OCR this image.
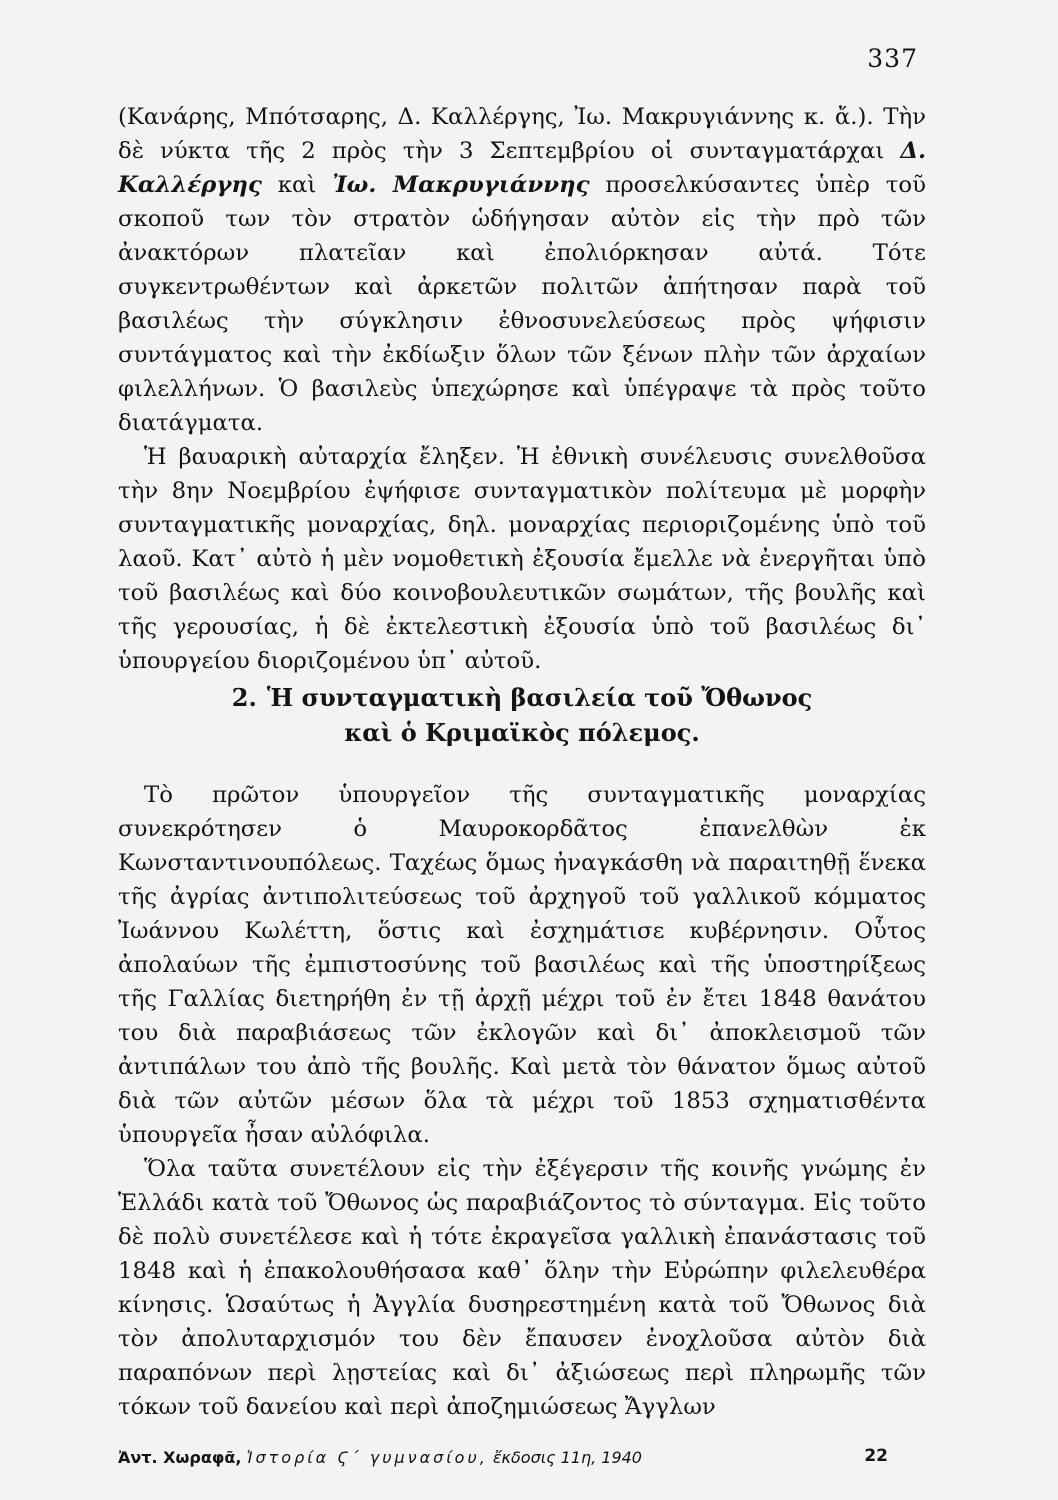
337

(Κανάρης, Μπότσαρης, Δ. Καλλέργης, Ἰω. Μακρυγιάννης κ. ἄ.). Τὴν δὲ νύκτα τῆς 2 πρὸς τὴν 3 Σεπτεμβρίου οἱ συνταγματάρχαι Δ. Καλλέργης καὶ Ἰω. Μακρυγιάννης προσελκύσαντες ὑπὲρ τοῦ σκοποῦ των τὸν στρατὸν ὡδήγησαν αὐτὸν εἰς τὴν πρὸ τῶν ἀνακτόρων πλατεῖαν καὶ ἐπολιόρκησαν αὐτά. Τότε συγκεντρωθέντων καὶ ἀρκετῶν πολιτῶν ἀπήτησαν παρὰ τοῦ βασιλέως τὴν σύγκλησιν ἐθνοσυνελεύσεως πρὸς ψήφισιν συντάγματος καὶ τὴν ἐκδίωξιν ὅλων τῶν ξένων πλὴν τῶν ἀρχαίων φιλελλήνων. Ὁ βασιλεὺς ὑπεχώρησε καὶ ὑπέγραψε τὰ πρὸς τοῦτο διατάγματα.

Ἡ βαυαρικὴ αὐταρχία ἔληξεν. Ἡ ἐθνικὴ συνέλευσις συνελθοῦσα τὴν 8ην Νοεμβρίου ἐψήφισε συνταγματικὸν πολίτευμα μὲ μορφὴν συνταγματικῆς μοναρχίας, δηλ. μοναρχίας περιοριζομένης ὑπὸ τοῦ λαοῦ. Κατ᾿ αὐτὸ ἡ μὲν νομοθετικὴ ἐξουσία ἔμελλε νὰ ἐνεργῆται ὑπὸ τοῦ βασιλέως καὶ δύο κοινοβουλευτικῶν σωμάτων, τῆς βουλῆς καὶ τῆς γερουσίας, ἡ δὲ ἐκτελεστικὴ ἐξουσία ὑπὸ τοῦ βασιλέως δι᾿ ὑπουργείου διοριζομένου ὑπ᾿ αὐτοῦ.

2. Ἡ συνταγματικὴ βασιλεία τοῦ Ὄθωνος
καὶ ὁ Κριμαϊκὸς πόλεμος.

Τὸ πρῶτον ὑπουργεῖον τῆς συνταγματικῆς μοναρχίας συνεκρότησεν ὁ Μαυροκορδᾶτος ἐπανελθὼν ἐκ Κωνσταντινουπόλεως. Ταχέως ὅμως ἠναγκάσθη νὰ παραιτηθῇ ἕνεκα τῆς ἀγρίας ἀντιπολιτεύσεως τοῦ ἀρχηγοῦ τοῦ γαλλικοῦ κόμματος Ἰωάννου Κωλέττη, ὅστις καὶ ἐσχημάτισε κυβέρνησιν. Οὗτος ἀπολαύων τῆς ἐμπιστοσύνης τοῦ βασιλέως καὶ τῆς ὑποστηρίξεως τῆς Γαλλίας διετηρήθη ἐν τῇ ἀρχῇ μέχρι τοῦ ἐν ἔτει 1848 θανάτου του διὰ παραβιάσεως τῶν ἐκλογῶν καὶ δι᾿ ἀποκλεισμοῦ τῶν ἀντιπάλων του ἀπὸ τῆς βουλῆς. Καὶ μετὰ τὸν θάνατον ὅμως αὐτοῦ διὰ τῶν αὐτῶν μέσων ὅλα τὰ μέχρι τοῦ 1853 σχηματισθέντα ὑπουργεῖα ἦσαν αὐλόφιλα.

Ὅλα ταῦτα συνετέλουν εἰς τὴν ἐξέγερσιν τῆς κοινῆς γνώμης ἐν Ἑλλάδι κατὰ τοῦ Ὄθωνος ὡς παραβιάζοντος τὸ σύνταγμα. Εἰς τοῦτο δὲ πολὺ συνετέλεσε καὶ ἡ τότε ἐκραγεῖσα γαλλικὴ ἐπανάστασις τοῦ 1848 καὶ ἡ ἐπακολουθήσασα καθ᾿ ὅλην τὴν Εὐρώπην φιλελευθέρα κίνησις. Ὡσαύτως ἡ Ἀγγλία δυσηρεστημένη κατὰ τοῦ Ὄθωνος διὰ τὸν ἀπολυταρχισμόν του δὲν ἔπαυσεν ἐνοχλοῦσα αὐτὸν διὰ παραπόνων περὶ λῃστείας καὶ δι᾿ ἀξιώσεως περὶ πληρωμῆς τῶν τόκων τοῦ δανείου καὶ περὶ ἀποζημιώσεως Ἄγγλων

Ἀντ. Χωραφᾶ, Ἱστορία Ϛ΄ γυμνασίου, ἔκδοσις 11η, 1940	22
